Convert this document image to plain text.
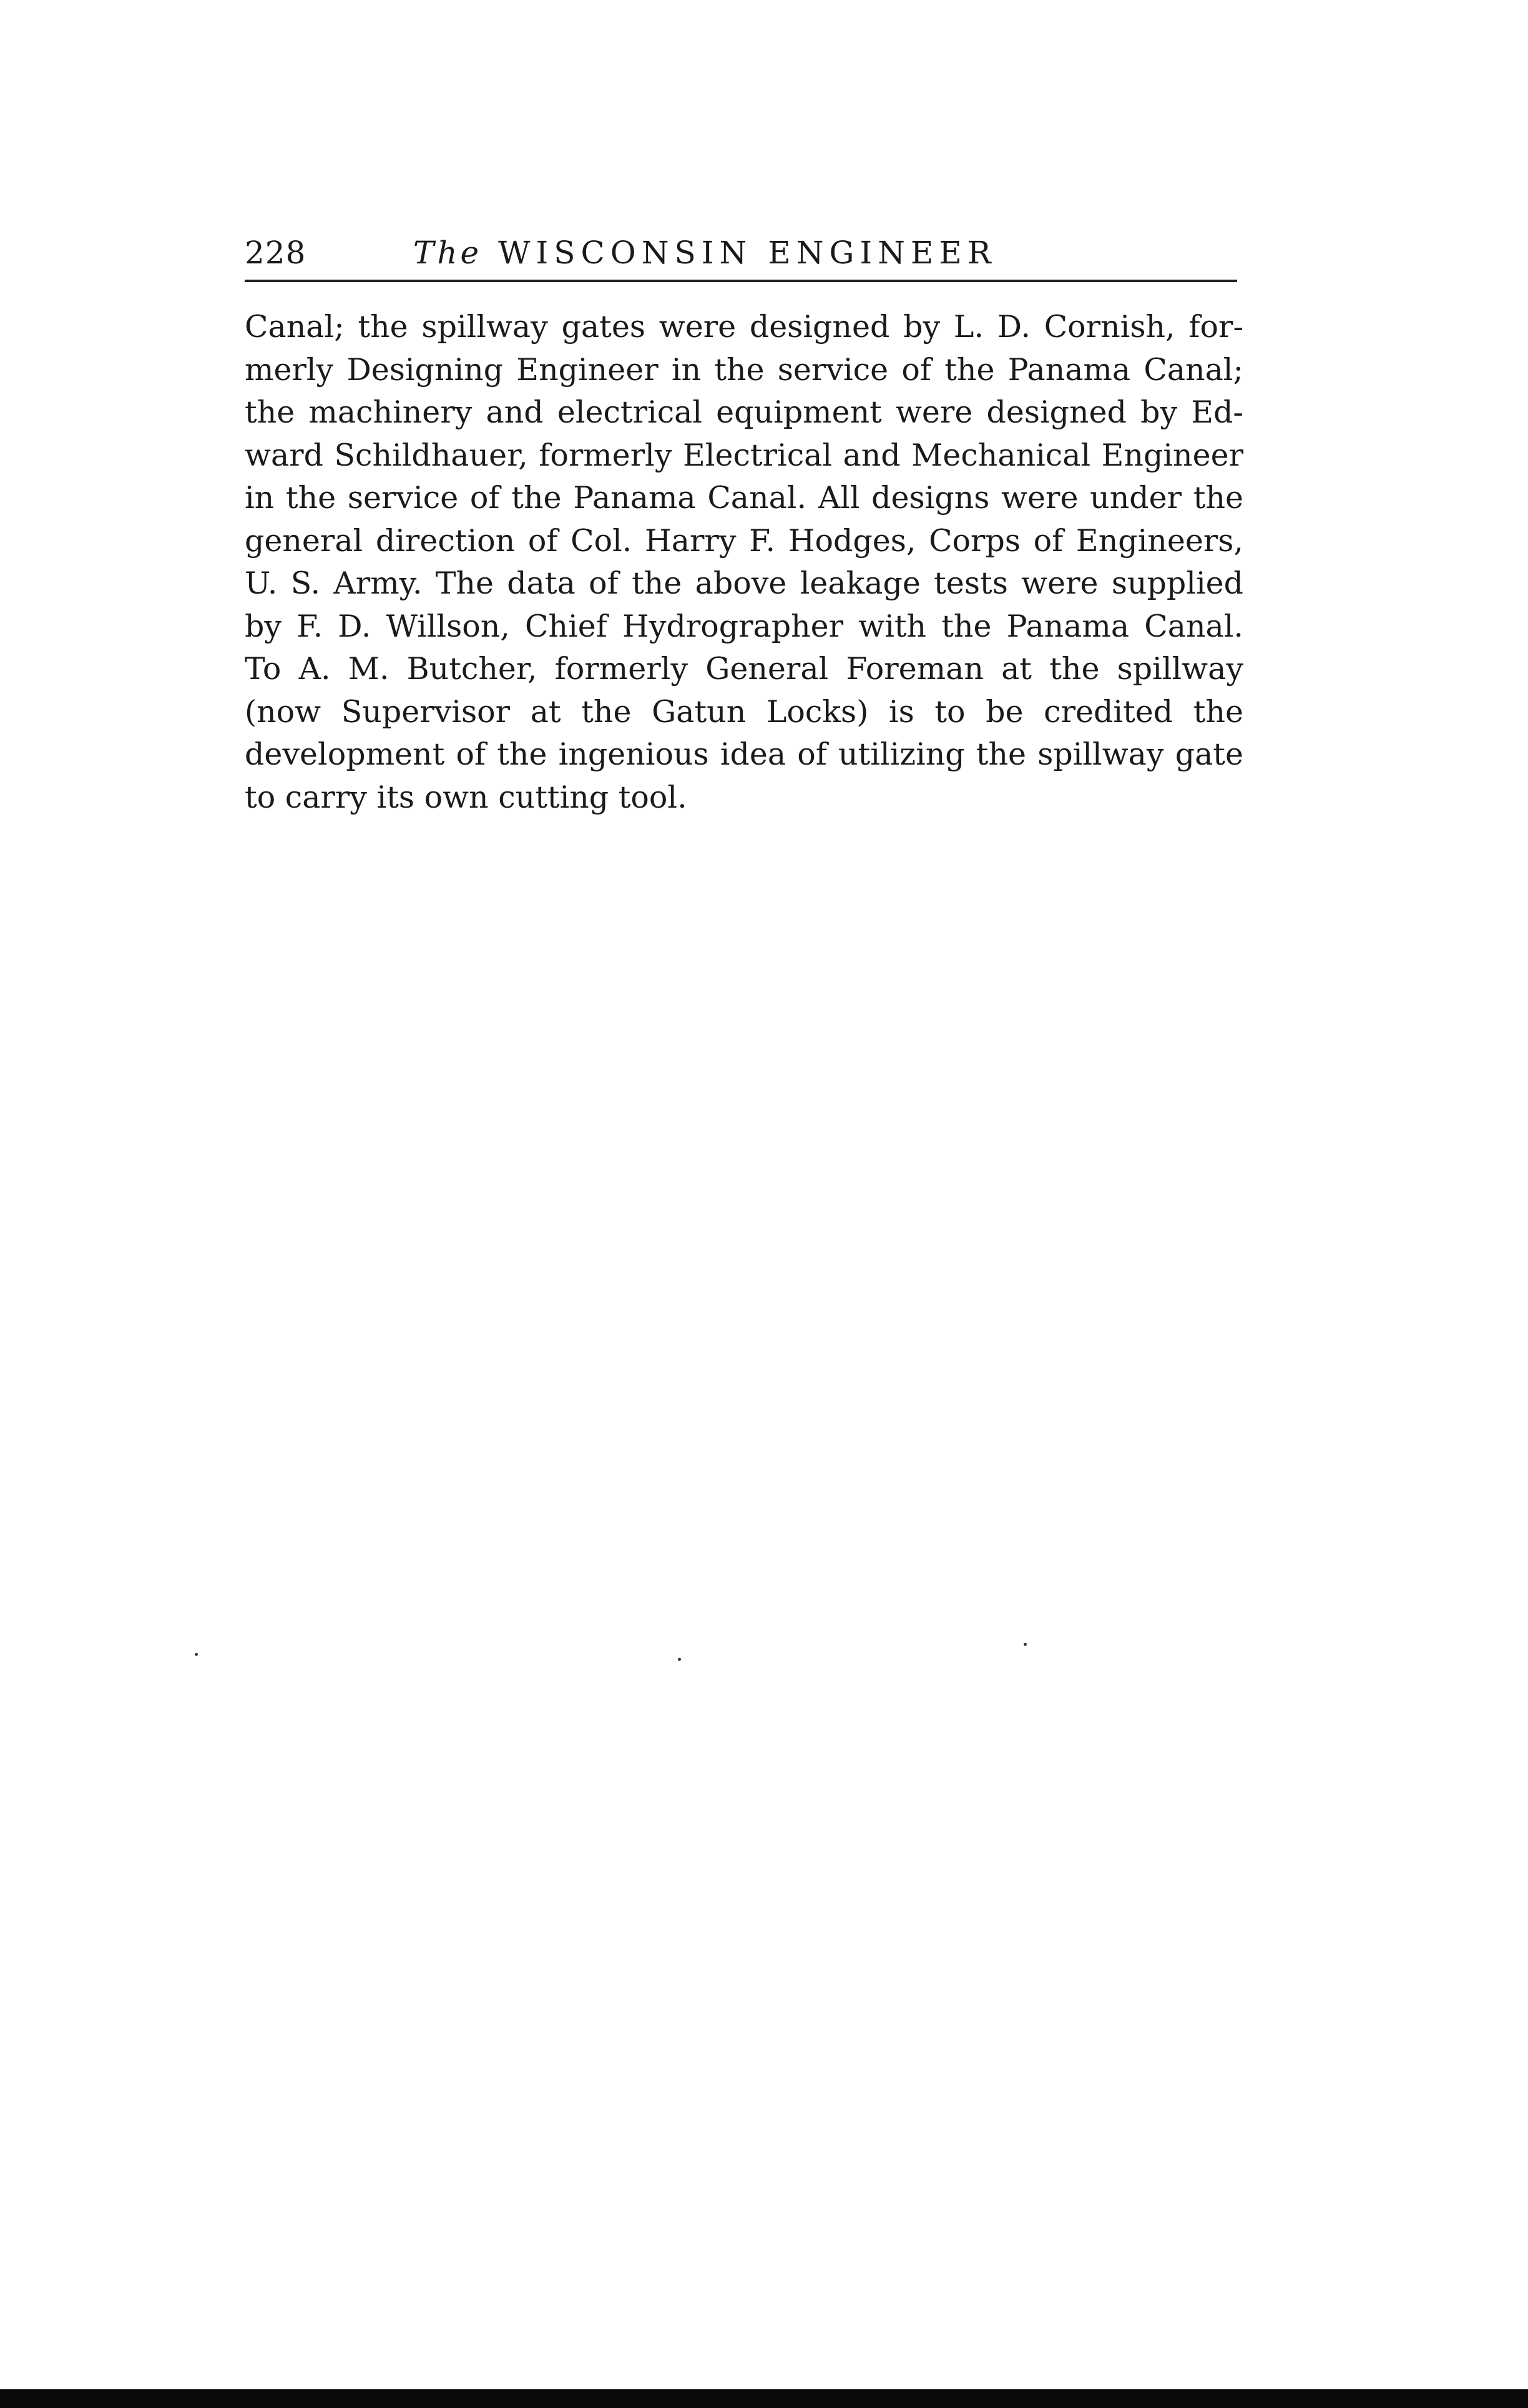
228	The WISCONSIN ENGINEER
Canal; the spillway gates were designed by L. D. Cornish, for-
merly Designing Engineer in the service of the Panama Canal;
the machinery and electrical equipment were designed by Ed-
ward Schildhauer, formerly Electrical and Mechanical Engineer
in the service of the Panama Canal. All designs were under the
general direction of Col. Harry F. Hodges, Corps of Engineers,
U. S. Army. The data of the above leakage tests were supplied
by F. D. Willson, Chief Hydrographer with the Panama Canal.
To A. M. Butcher, formerly General Foreman at the spillway
(now Supervisor at the Gatun Locks) is to be credited the
development of the ingenious idea of utilizing the spillway gate
to carry its own cutting tool.
